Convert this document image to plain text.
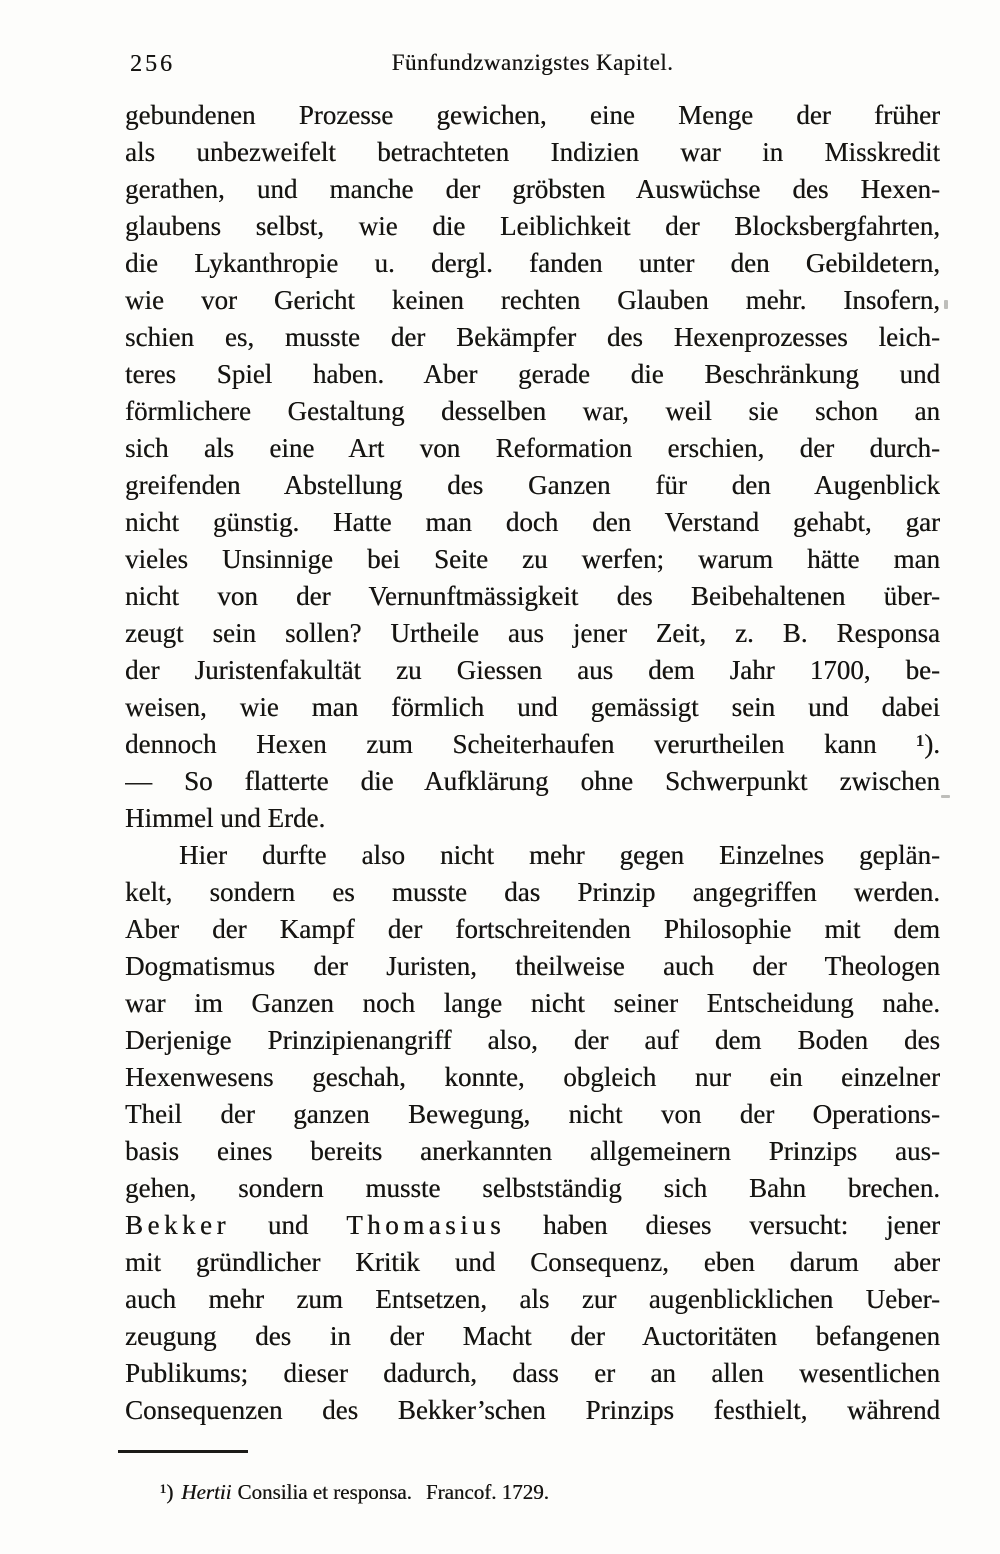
256	Fünfundzwanzigstes Kapitel.
gebundenen Prozesse gewichen, eine Menge der früher
als unbezweifelt betrachteten Indizien war in Misskredit
gerathen, und manche der gröbsten Auswüchse des Hexen-
glaubens selbst, wie die Leiblichkeit der Blocksbergfahrten,
die Lykanthropie u. dergl. fanden unter den Gebildetern,
wie vor Gericht keinen rechten Glauben mehr. Insofern,
schien es, musste der Bekämpfer des Hexenprozesses leich-
teres Spiel haben. Aber gerade die Beschränkung und
förmlichere Gestaltung desselben war, weil sie schon an
sich als eine Art von Reformation erschien, der durch-
greifenden Abstellung des Ganzen für den Augenblick
nicht günstig. Hatte man doch den Verstand gehabt, gar
vieles Unsinnige bei Seite zu werfen; warum hätte man
nicht von der Vernunftmässigkeit des Beibehaltenen über-
zeugt sein sollen? Urtheile aus jener Zeit, z. B. Responsa
der Juristenfakultät zu Giessen aus dem Jahr 1700, be-
weisen, wie man förmlich und gemässigt sein und dabei
dennoch Hexen zum Scheiterhaufen verurtheilen kann ¹).
— So flatterte die Aufklärung ohne Schwerpunkt zwischen
Himmel und Erde.
Hier durfte also nicht mehr gegen Einzelnes geplän-
kelt, sondern es musste das Prinzip angegriffen werden.
Aber der Kampf der fortschreitenden Philosophie mit dem
Dogmatismus der Juristen, theilweise auch der Theologen
war im Ganzen noch lange nicht seiner Entscheidung nahe.
Derjenige Prinzipienangriff also, der auf dem Boden des
Hexenwesens geschah, konnte, obgleich nur ein einzelner
Theil der ganzen Bewegung, nicht von der Operations-
basis eines bereits anerkannten allgemeinern Prinzips aus-
gehen, sondern musste selbstständig sich Bahn brechen.
Bekker und Thomasius haben dieses versucht: jener
mit gründlicher Kritik und Consequenz, eben darum aber
auch mehr zum Entsetzen, als zur augenblicklichen Ueber-
zeugung des in der Macht der Auctoritäten befangenen
Publikums; dieser dadurch, dass er an allen wesentlichen
Consequenzen des Bekker’schen Prinzips festhielt, während
¹) Hertii Consilia et responsa. Francof. 1729.
